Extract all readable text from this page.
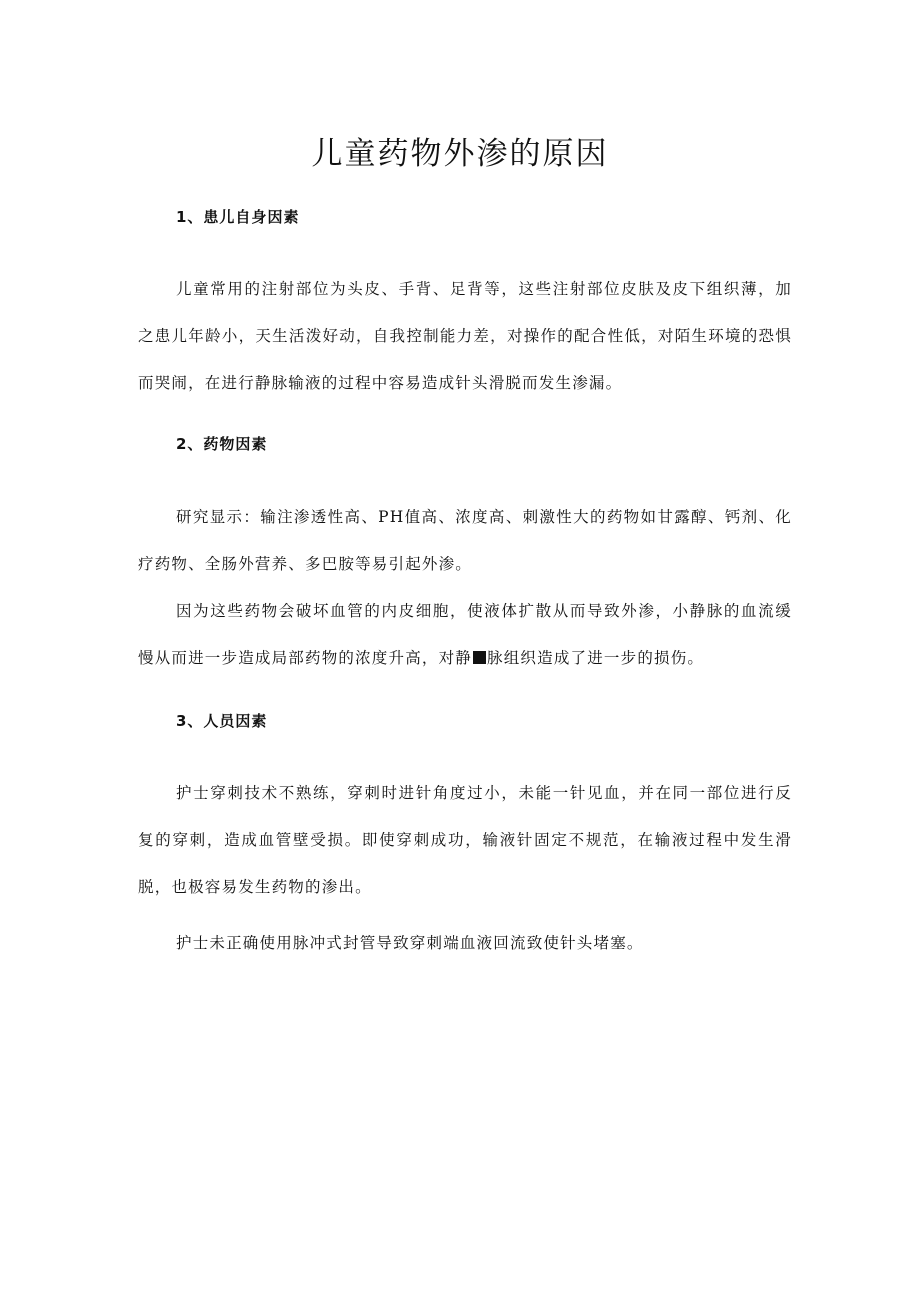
儿童药物外渗的原因
1、患儿自身因素

儿童常用的注射部位为头皮、手背、足背等，这些注射部位皮肤及皮下组织薄，加之患儿年龄小，天生活泼好动，自我控制能力差，对操作的配合性低，对陌生环境的恐惧而哭闹，在进行静脉输液的过程中容易造成针头滑脱而发生渗漏。

2、药物因素

研究显示：输注渗透性高、PH值高、浓度高、刺激性大的药物如甘露醇、钙剂、化疗药物、全肠外营养、多巴胺等易引起外渗。

因为这些药物会破坏血管的内皮细胞，使液体扩散从而导致外渗，小静脉的血流缓慢从而进一步造成局部药物的浓度升高，对静 脉组织造成了进一步的损伤。

3、人员因素

护士穿刺技术不熟练，穿刺时进针角度过小，未能一针见血，并在同一部位进行反复的穿刺，造成血管壁受损。即使穿刺成功，输液针固定不规范，在输液过程中发生滑脱，也极容易发生药物的渗出。

护士未正确使用脉冲式封管导致穿刺端血液回流致使针头堵塞。
